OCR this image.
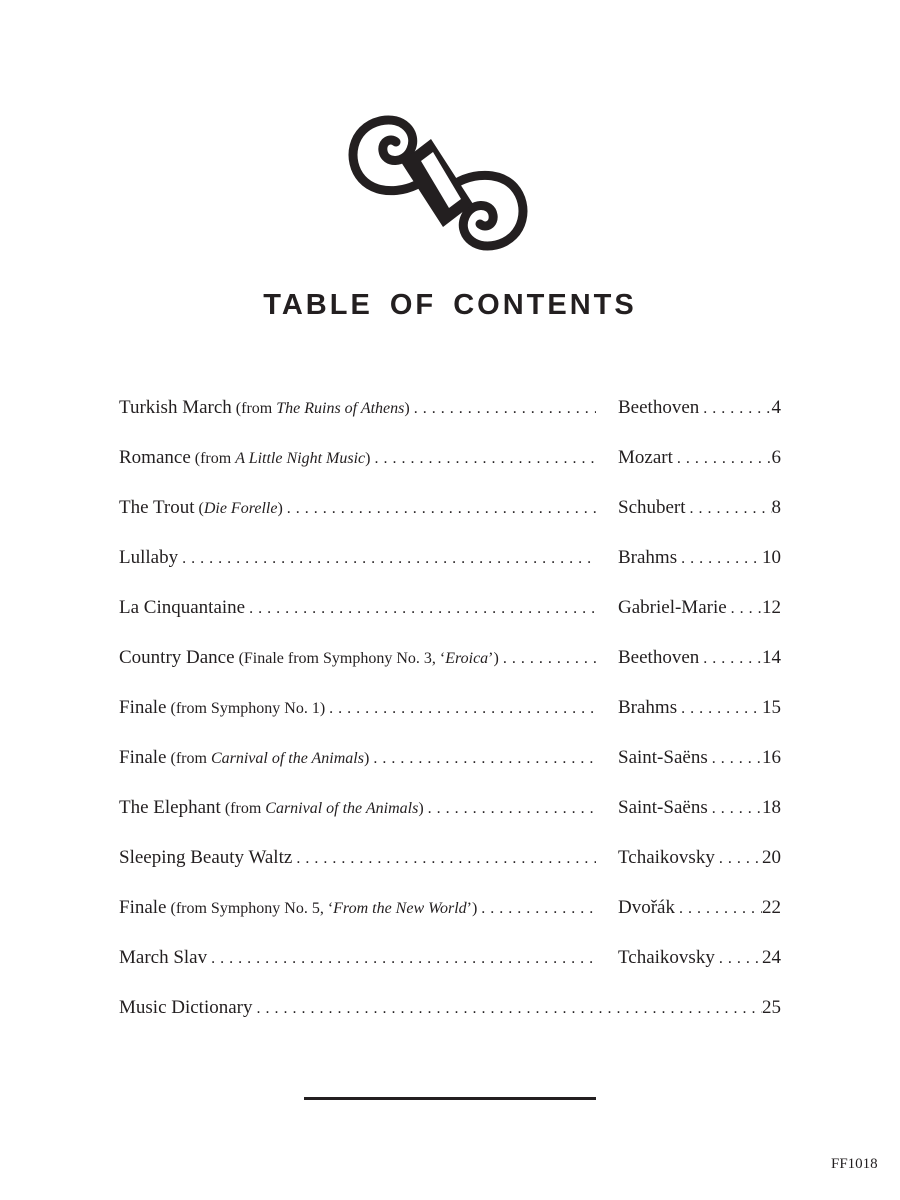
TABLE OF CONTENTS
Turkish March (from The Ruins of Athens ) . . .	Beethoven . . .	4
Romance (from A Little Night Music ) . . .	Mozart . . .	6
The Trout ( Die Forelle ) . . .	Schubert . . .	8
Lullaby . . .	Brahms . . .	10
La Cinquantaine . . .	Gabriel-Marie . . . 12
Country Dance (Finale from Symphony No. 3, ‘ Eroica ’) . . .	Beethoven . . .	14
Finale (from Symphony No. 1) . . .	Brahms . . .	15
Finale (from Carnival of the Animals ) . . .	Saint-Saëns . . .	16
The Elephant (from Carnival of the Animals ) . . .	Saint-Saëns . . .	18
Sleeping Beauty Waltz . . .	Tchaikovsky . . . 20
Finale (from Symphony No. 5, ‘ From the New World ’) . . .	Dvořák . . .	22
March Slav . . .	Tchaikovsky . . . 24
Music Dictionary . . .	25
FF1018
